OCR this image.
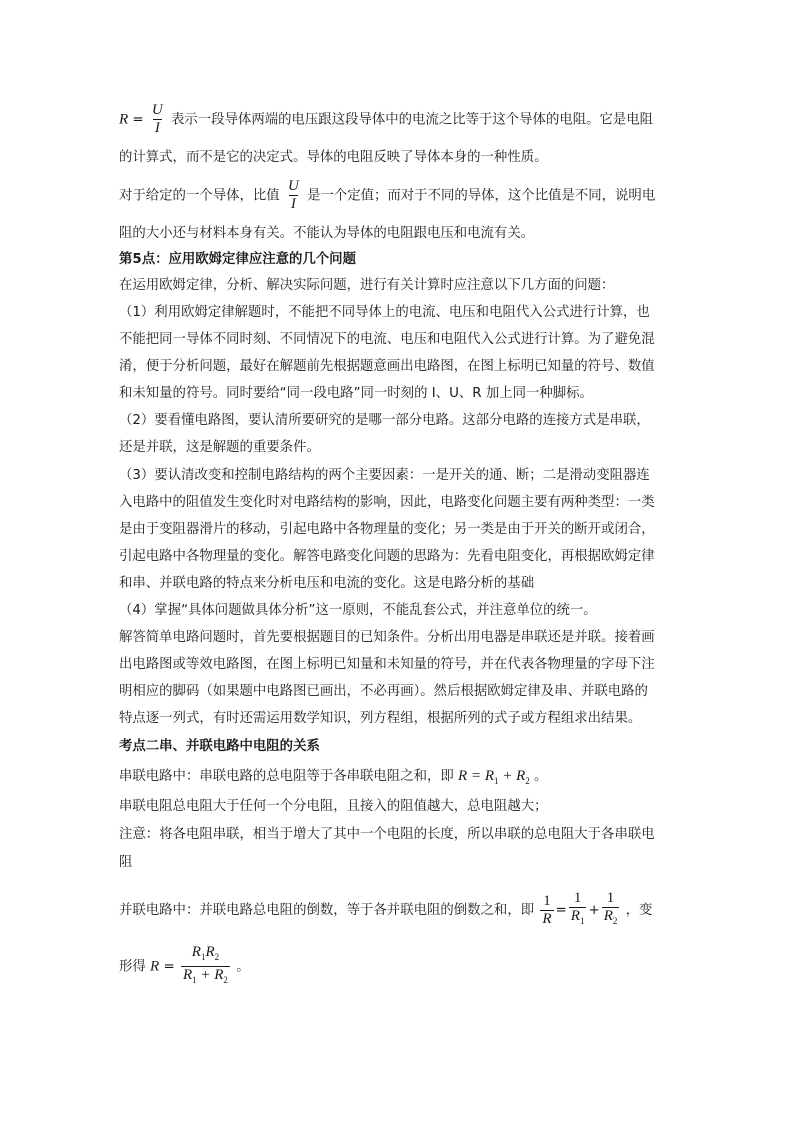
$R = \frac{U}{I}$ 表示一段导体两端的电压跟这段导体中的电流之比等于这个导体的电阻。它是电阻
的计算式，而不是它的决定式。导体的电阻反映了导体本身的一种性质。
对于给定的一个导体，比值 $\frac{U}{I}$ 是一个定值；而对于不同的导体，这个比值是不同，说明电
阻的大小还与材料本身有关。不能认为导体的电阻跟电压和电流有关。
第5点：应用欧姆定律应注意的几个问题
在运用欧姆定律，分析、解决实际问题，进行有关计算时应注意以下几方面的问题：
（1）利用欧姆定律解题时，不能把不同导体上的电流、电压和电阻代入公式进行计算，也
不能把同一导体不同时刻、不同情况下的电流、电压和电阻代入公式进行计算。为了避免混
淆，便于分析问题，最好在解题前先根据题意画出电路图，在图上标明已知量的符号、数值
和未知量的符号。同时要给“同一段电路”同一时刻的 I、U、R 加上同一种脚标。
（2）要看懂电路图，要认清所要研究的是哪一部分电路。这部分电路的连接方式是串联，
还是并联，这是解题的重要条件。
（3）要认清改变和控制电路结构的两个主要因素：一是开关的通、断；二是滑动变阻器连
入电路中的阻值发生变化时对电路结构的影响，因此，电路变化问题主要有两种类型：一类
是由于变阻器滑片的移动，引起电路中各物理量的变化；另一类是由于开关的断开或闭合，
引起电路中各物理量的变化。解答电路变化问题的思路为：先看电阻变化，再根据欧姆定律
和串、并联电路的特点来分析电压和电流的变化。这是电路分析的基础
（4）掌握“具体问题做具体分析”这一原则，不能乱套公式，并注意单位的统一。
解答简单电路问题时，首先要根据题目的已知条件。分析出用电器是串联还是并联。接着画
出电路图或等效电路图，在图上标明已知量和未知量的符号，并在代表各物理量的字母下注
明相应的脚码（如果题中电路图已画出，不必再画）。然后根据欧姆定律及串、并联电路的
特点逐一列式，有时还需运用数学知识，列方程组，根据所列的式子或方程组求出结果。
考点二串、并联电路中电阻的关系
串联电路中：串联电路的总电阻等于各串联电阻之和，即 $R = R_1 + R_2$ 。
串联电阻总电阻大于任何一个分电阻，且接入的阻值越大，总电阻越大；
注意：将各电阻串联，相当于增大了其中一个电阻的长度，所以串联的总电阻大于各串联电
阻
并联电路中：并联电路总电阻的倒数，等于各并联电阻的倒数之和，即 $\frac{1}{R} = \frac{1}{R_1} + \frac{1}{R_2}$ ，变
形得 $R = \frac{R_1R_2}{R_1 + R_2}$ 。
